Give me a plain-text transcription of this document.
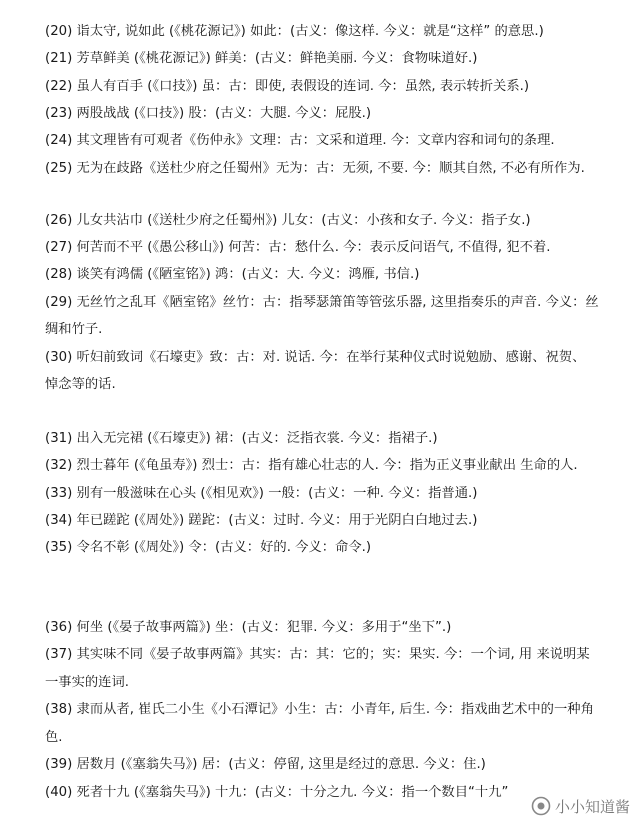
(20) 诣太守, 说如此 (《桃花源记》) 如此：(古义：像这样. 今义：就是“这样” 的意思.)
(21) 芳草鲜美 (《桃花源记》) 鲜美：(古义：鲜艳美丽. 今义：食物味道好.)
(22) 虽人有百手 (《口技》) 虽：古：即使, 表假设的连词. 今：虽然, 表示转折关系.)
(23) 两股战战 (《口技》) 股：(古义：大腿. 今义：屁股.)
(24) 其文理皆有可观者《伤仲永》文理：古：文采和道理. 今：文章内容和词句的条理.
(25) 无为在歧路《送杜少府之任蜀州》无为：古：无须, 不要. 今：顺其自然, 不必有所作为.
(26) 儿女共沾巾 (《送杜少府之任蜀州》) 儿女：(古义：小孩和女子. 今义：指子女.)
(27) 何苦而不平 (《愚公移山》) 何苦：古：愁什么. 今：表示反问语气, 不值得, 犯不着.
(28) 谈笑有鸿儒 (《陋室铭》) 鸿：(古义：大. 今义：鸿雁, 书信.)
(29) 无丝竹之乱耳《陋室铭》丝竹：古：指琴瑟箫笛等管弦乐器, 这里指奏乐的声音. 今义：丝
绸和竹子.
(30) 听妇前致词《石壕吏》致：古：对. 说话. 今：在举行某种仪式时说勉励、感谢、祝贺、
悼念等的话.
(31) 出入无完裙 (《石壕吏》) 裙：(古义：泛指衣裳. 今义：指裙子.)
(32) 烈士暮年 (《龟虽寿》) 烈士：古：指有雄心壮志的人. 今：指为正义事业献出 生命的人.
(33) 别有一般滋味在心头 (《相见欢》) 一般：(古义：一种. 今义：指普通.)
(34) 年已蹉跎 (《周处》) 蹉跎：(古义：过时. 今义：用于光阴白白地过去.)
(35) 令名不彰 (《周处》) 令：(古义：好的. 今义：命令.)
(36) 何坐 (《晏子故事两篇》) 坐：(古义：犯罪. 今义：多用于“坐下”.)
(37) 其实味不同《晏子故事两篇》其实：古：其：它的；实：果实. 今：一个词, 用 来说明某
一事实的连词.
(38) 隶而从者, 崔氏二小生《小石潭记》小生：古：小青年, 后生. 今：指戏曲艺术中的一种角
色.
(39) 居数月 (《塞翁失马》) 居：(古义：停留, 这里是经过的意思. 今义：住.)
(40) 死者十九 (《塞翁失马》) 十九：(古义：十分之九. 今义：指一个数目“十九”
小小知道酱
